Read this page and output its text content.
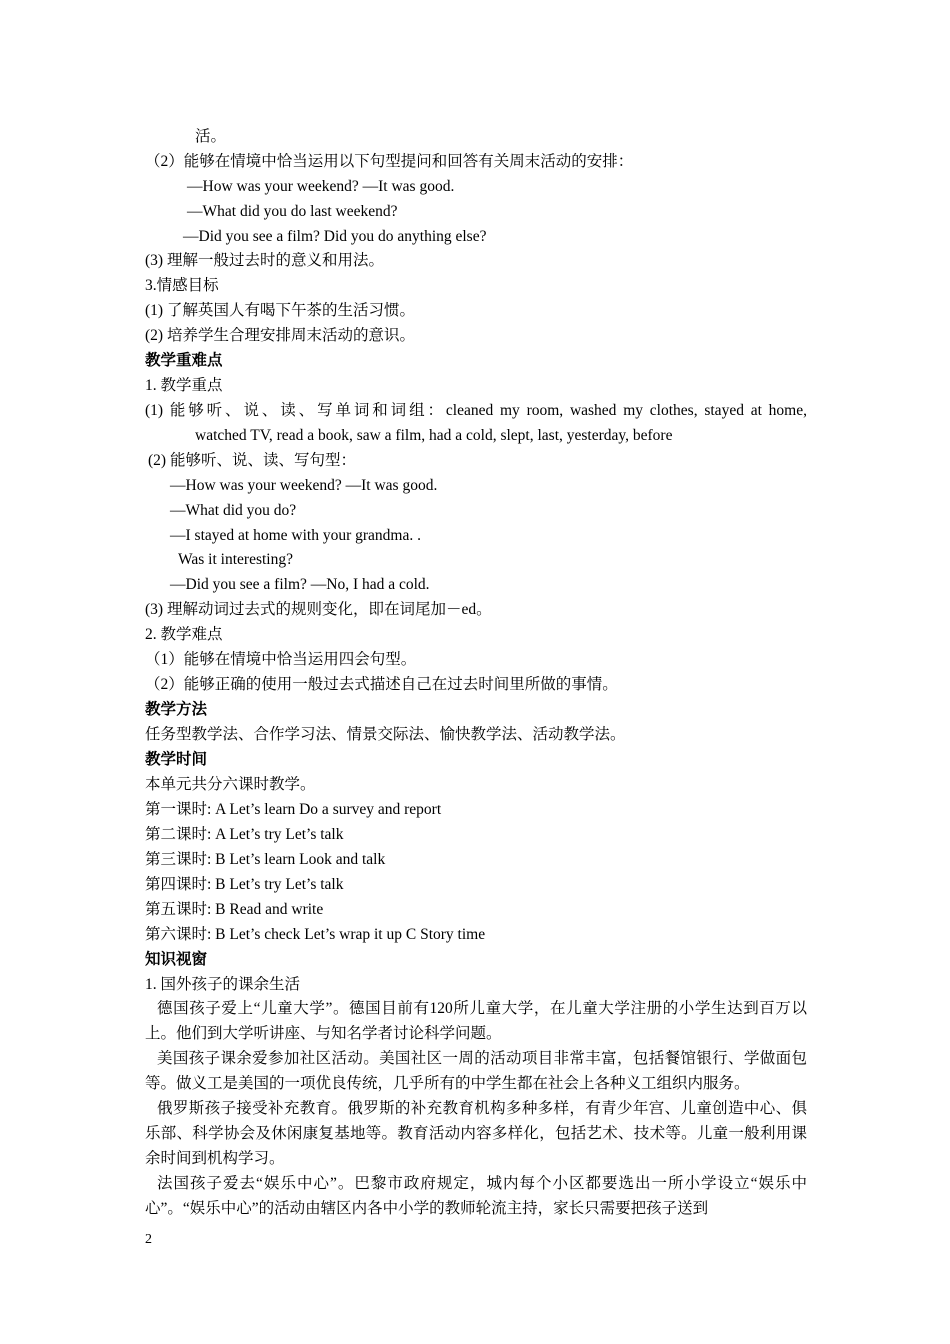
活。
（2）能够在情境中恰当运用以下句型提问和回答有关周末活动的安排：
—How was your weekend? —It was good.
—What did you do last weekend?
—Did you see a film? Did you do anything else?
(3) 理解一般过去时的意义和用法。
3.情感目标
(1) 了解英国人有喝下午茶的生活习惯。
(2) 培养学生合理安排周末活动的意识。
教学重难点
1. 教学重点
(1) 能够听、说、读、写单词和词组：cleaned my room, washed my clothes, stayed at home,
watched TV, read a book, saw a film, had a cold, slept, last, yesterday, before
(2) 能够听、说、读、写句型：
—How was your weekend? —It was good.
—What did you do?
—I stayed at home with your grandma. .
Was it interesting?
—Did you see a film? —No, I had a cold.
(3) 理解动词过去式的规则变化，即在词尾加－ed。
2. 教学难点
（1）能够在情境中恰当运用四会句型。
（2）能够正确的使用一般过去式描述自己在过去时间里所做的事情。
教学方法
任务型教学法、合作学习法、情景交际法、愉快教学法、活动教学法。
教学时间
本单元共分六课时教学。
第一课时: A Let’s learn Do a survey and report
第二课时: A Let’s try Let’s talk
第三课时: B Let’s learn Look and talk
第四课时: B Let’s try Let’s talk
第五课时: B Read and write
第六课时: B Let’s check Let’s wrap it up C Story time
知识视窗
1. 国外孩子的课余生活
德国孩子爱上“儿童大学”。德国目前有120所儿童大学，在儿童大学注册的小学生达到百万以上。他们到大学听讲座、与知名学者讨论科学问题。
美国孩子课余爱参加社区活动。美国社区一周的活动项目非常丰富，包括餐馆银行、学做面包等。做义工是美国的一项优良传统，几乎所有的中学生都在社会上各种义工组织内服务。
俄罗斯孩子接受补充教育。俄罗斯的补充教育机构多种多样，有青少年宫、儿童创造中心、俱乐部、科学协会及休闲康复基地等。教育活动内容多样化，包括艺术、技术等。儿童一般利用课余时间到机构学习。
法国孩子爱去“娱乐中心”。巴黎市政府规定，城内每个小区都要选出一所小学设立“娱乐中心”。“娱乐中心”的活动由辖区内各中小学的教师轮流主持，家长只需要把孩子送到
2
